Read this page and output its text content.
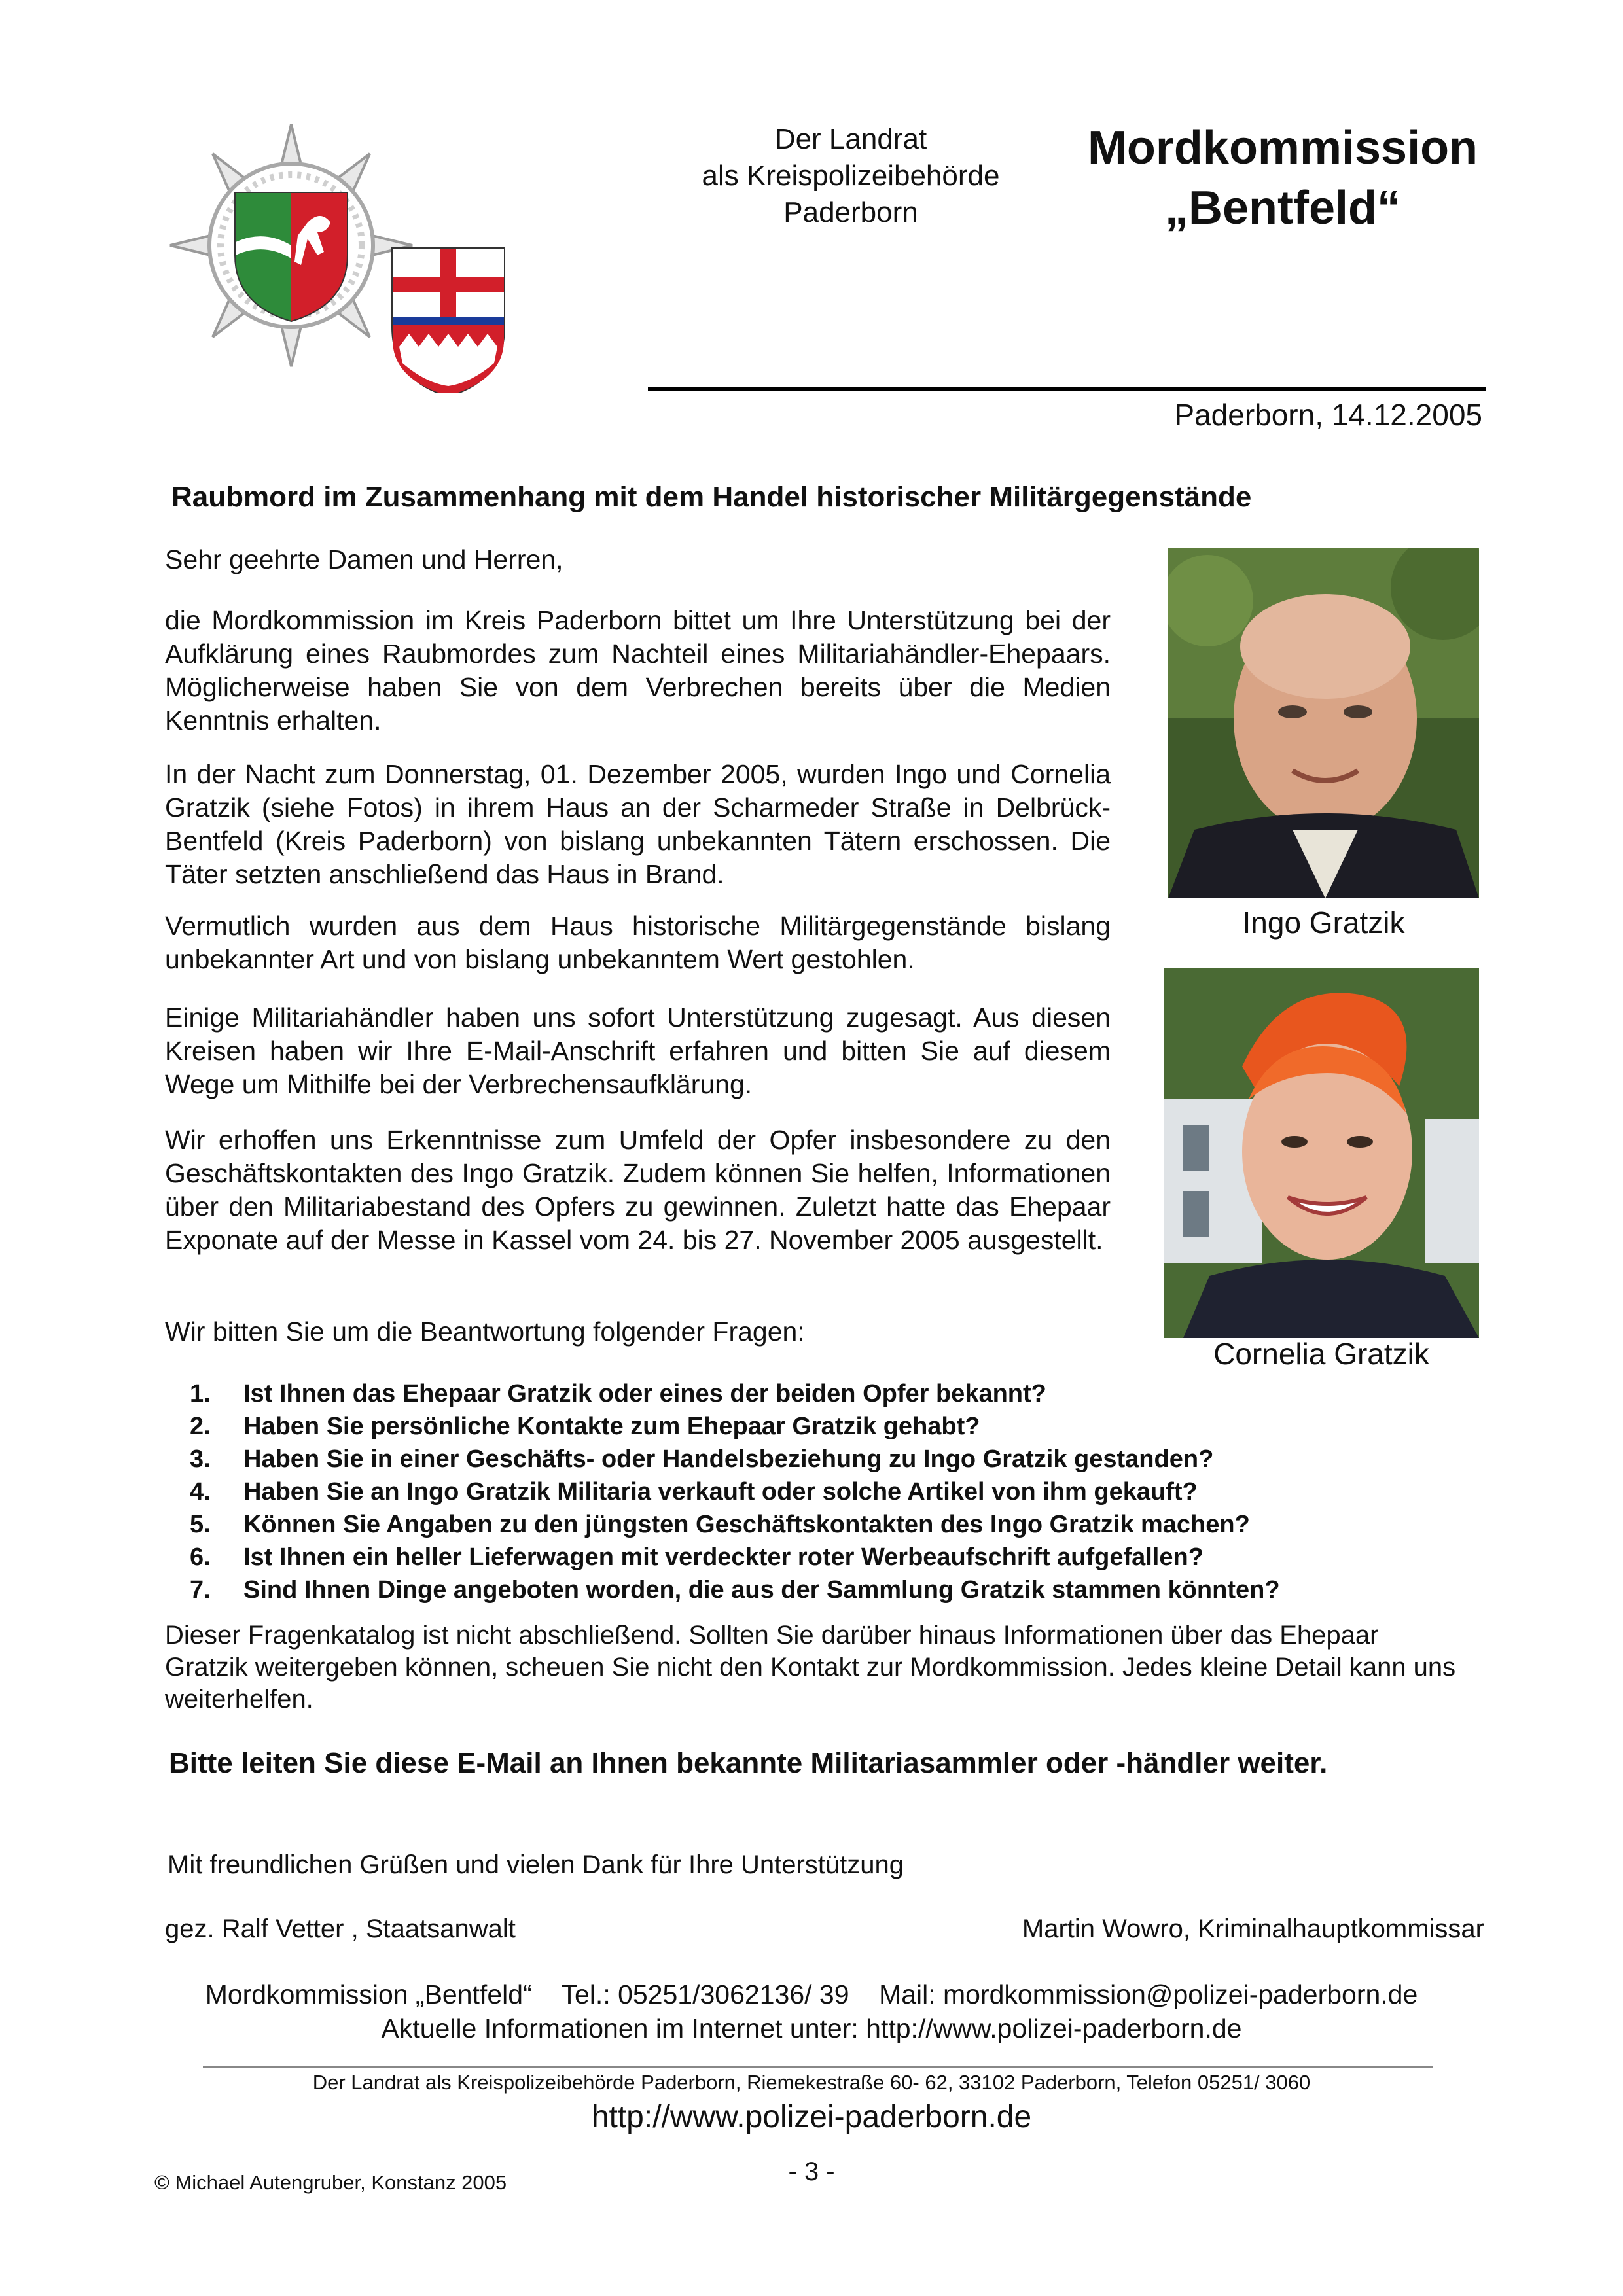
Der Landrat
als Kreispolizeibehörde
Paderborn
Mordkommission
„Bentfeld“
Paderborn, 14.12.2005
Raubmord im Zusammenhang mit dem Handel historischer Militärgegenstände
Sehr geehrte Damen und Herren,
die Mordkommission im Kreis Paderborn bittet um Ihre Unterstützung bei der Aufklärung eines Raubmordes zum Nachteil eines Militariahändler-Ehepaars. Möglicherweise haben Sie von dem Verbrechen bereits über die Medien Kenntnis erhalten.
In der Nacht zum Donnerstag, 01. Dezember 2005, wurden Ingo und Cornelia Gratzik (siehe Fotos) in ihrem Haus an der Scharmeder Straße in Delbrück-Bentfeld (Kreis Paderborn) von bislang unbekannten Tätern erschossen. Die Täter setzten anschließend das Haus in Brand.
Vermutlich wurden aus dem Haus historische Militärgegenstände bislang unbekannter Art und von bislang unbekanntem Wert gestohlen.
Einige Militariahändler haben uns sofort Unterstützung zugesagt. Aus diesen Kreisen haben wir Ihre E-Mail-Anschrift erfahren und bitten Sie auf diesem Wege um Mithilfe bei der Verbrechensaufklärung.
Wir erhoffen uns Erkenntnisse zum Umfeld der Opfer insbesondere zu den Geschäftskontakten des Ingo Gratzik. Zudem können Sie helfen, Informationen über den Militariabestand des Opfers zu gewinnen. Zuletzt hatte das Ehepaar Exponate auf der Messe in Kassel vom 24. bis 27. November 2005 ausgestellt.
Wir bitten Sie um die Beantwortung folgender Fragen:
Ingo Gratzik
Cornelia Gratzik
1.	Ist Ihnen das Ehepaar Gratzik oder eines der beiden Opfer bekannt?
2.	Haben Sie persönliche Kontakte zum Ehepaar Gratzik gehabt?
3.	Haben Sie in einer Geschäfts- oder Handelsbeziehung zu Ingo Gratzik gestanden?
4.	Haben Sie an Ingo Gratzik Militaria verkauft oder solche Artikel von ihm gekauft?
5.	Können Sie Angaben zu den jüngsten Geschäftskontakten des Ingo Gratzik machen?
6.	Ist Ihnen ein heller Lieferwagen mit verdeckter roter Werbeaufschrift aufgefallen?
7.	Sind Ihnen Dinge angeboten worden, die aus der Sammlung Gratzik stammen könnten?
Dieser Fragenkatalog ist nicht abschließend. Sollten Sie darüber hinaus Informationen über das Ehepaar Gratzik weitergeben können, scheuen Sie nicht den Kontakt zur Mordkommission. Jedes kleine Detail kann uns weiterhelfen.
Bitte leiten Sie diese E-Mail an Ihnen bekannte Militariasammler oder -händler weiter.
Mit freundlichen Grüßen und vielen Dank für Ihre Unterstützung
gez. Ralf Vetter , Staatsanwalt	Martin Wowro, Kriminalhauptkommissar
Mordkommission „Bentfeld“    Tel.: 05251/3062136/ 39    Mail: mordkommission@polizei-paderborn.de
Aktuelle Informationen im Internet unter: http://www.polizei-paderborn.de
Der Landrat als Kreispolizeibehörde Paderborn, Riemekestraße 60- 62, 33102 Paderborn, Telefon 05251/ 3060
http://www.polizei-paderborn.de
- 3 -
© Michael Autengruber, Konstanz 2005
